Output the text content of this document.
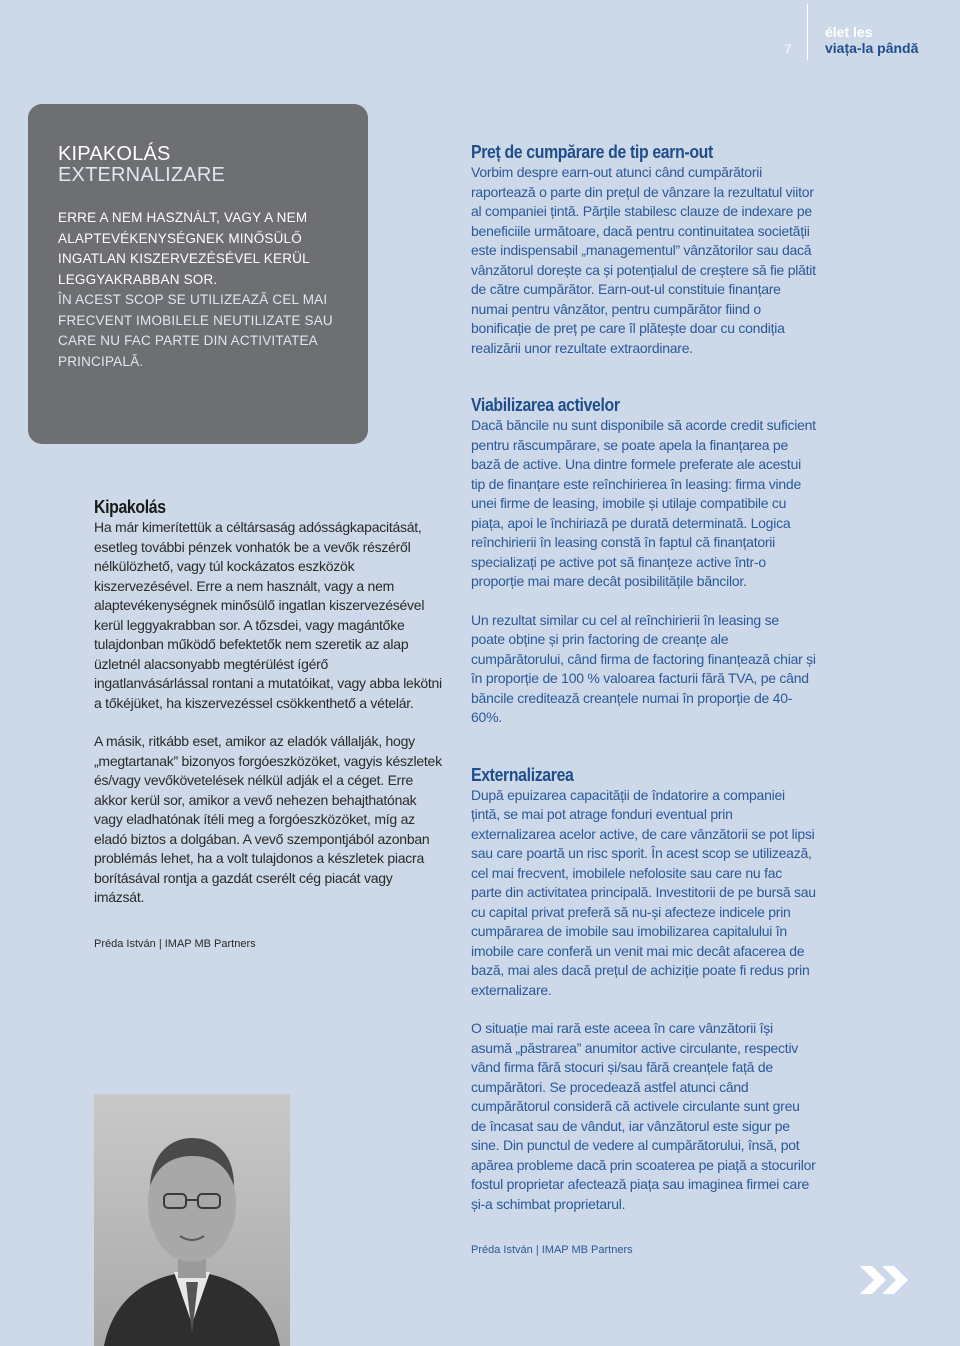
7
élet les
viața-la pândă
KIPAKOLÁS
EXTERNALIZARE
ERRE A NEM HASZNÁLT, VAGY A NEM ALAPTEVÉKENYSÉGNEK MINŐSÜLŐ INGATLAN KISZERVEZÉSÉVEL KERÜL LEGGYAKRABBAN SOR.
ÎN ACEST SCOP SE UTILIZEAZĂ CEL MAI FRECVENT IMOBILELE NEUTILIZATE SAU CARE NU FAC PARTE DIN ACTIVITATEA PRINCIPALĂ.
Kipakolás

Ha már kimerítettük a céltársaság adósságkapacitását, esetleg további pénzek vonhatók be a vevők részéről nélkülözhető, vagy túl kockázatos eszközök kiszervezésével. Erre a nem használt, vagy a nem alaptevékenységnek minősülő ingatlan kiszervezésével kerül leggyakrabban sor. A tőzsdei, vagy magántőke tulajdonban működő befektetők nem szeretik az alap üzletnél alacsonyabb megtérülést ígérő ingatlanvásárlással rontani a mutatóikat, vagy abba lekötni a tőkéjüket, ha kiszervezéssel csökkenthető a vételár.

A másik, ritkább eset, amikor az eladók vállalják, hogy „megtartanak” bizonyos forgóeszközöket, vagyis készletek és/vagy vevőkövetelések nélkül adják el a céget. Erre akkor kerül sor, amikor a vevő nehezen behajthatónak vagy eladhatónak ítéli meg a forgóeszközöket, míg az eladó biztos a dolgában. A vevő szempontjából azonban problémás lehet, ha a volt tulajdonos a készletek piacra borításával rontja a gazdát cserélt cég piacát vagy imázsát.

Préda István | IMAP MB Partners
Preț de cumpărare de tip earn-out

Vorbim despre earn-out atunci când cumpărătorii raportează o parte din prețul de vânzare la rezultatul viitor al companiei țintă. Părțile stabilesc clauze de indexare pe beneficiile următoare, dacă pentru continuitatea societății este indispensabil „managementul” vânzătorilor sau dacă vânzătorul dorește ca și potențialul de creștere să fie plătit de către cumpărător. Earn-out-ul constituie finanțare numai pentru vânzător, pentru cumpărător fiind o bonificație de preț pe care îl plătește doar cu condiția realizării unor rezultate extraordinare.

Viabilizarea activelor

Dacă băncile nu sunt disponibile să acorde credit suficient pentru răscumpărare, se poate apela la finanțarea pe bază de active. Una dintre formele preferate ale acestui tip de finanțare este reînchirierea în leasing: firma vinde unei firme de leasing, imobile și utilaje compatibile cu piața, apoi le închiriază pe durată determinată. Logica reînchirierii în leasing constă în faptul că finanțatorii specializați pe active pot să finanțeze active într-o proporție mai mare decât posibilitățile băncilor.

Un rezultat similar cu cel al reînchirierii în leasing se poate obține și prin factoring de creanțe ale cumpărătorului, când firma de factoring finanțează chiar și în proporție de 100 % valoarea facturii fără TVA, pe când băncile creditează creanțele numai în proporție de 40-60%.

Externalizarea

După epuizarea capacității de îndatorire a companiei țintă, se mai pot atrage fonduri eventual prin externalizarea acelor active, de care vânzătorii se pot lipsi sau care poartă un risc sporit. În acest scop se utilizează, cel mai frecvent, imobilele nefolosite sau care nu fac parte din activitatea principală. Investitorii de pe bursă sau cu capital privat preferă să nu-și afecteze indicele prin cumpărarea de imobile sau imobilizarea capitalului în imobile care conferă un venit mai mic decât afacerea de bază, mai ales dacă prețul de achiziție poate fi redus prin externalizare.

O situație mai rară este aceea în care vânzătorii își asumă „păstrarea” anumitor active circulante, respectiv vând firma fără stocuri și/sau fără creanțele față de cumpărători. Se procedează astfel atunci când cumpărătorul consideră că activele circulante sunt greu de încasat sau de vândut, iar vânzătorul este sigur pe sine. Din punctul de vedere al cumpărătorului, însă, pot apărea probleme dacă prin scoaterea pe piață a stocurilor fostul proprietar afectează piața sau imaginea firmei care și-a schimbat proprietarul.

Préda István | IMAP MB Partners
